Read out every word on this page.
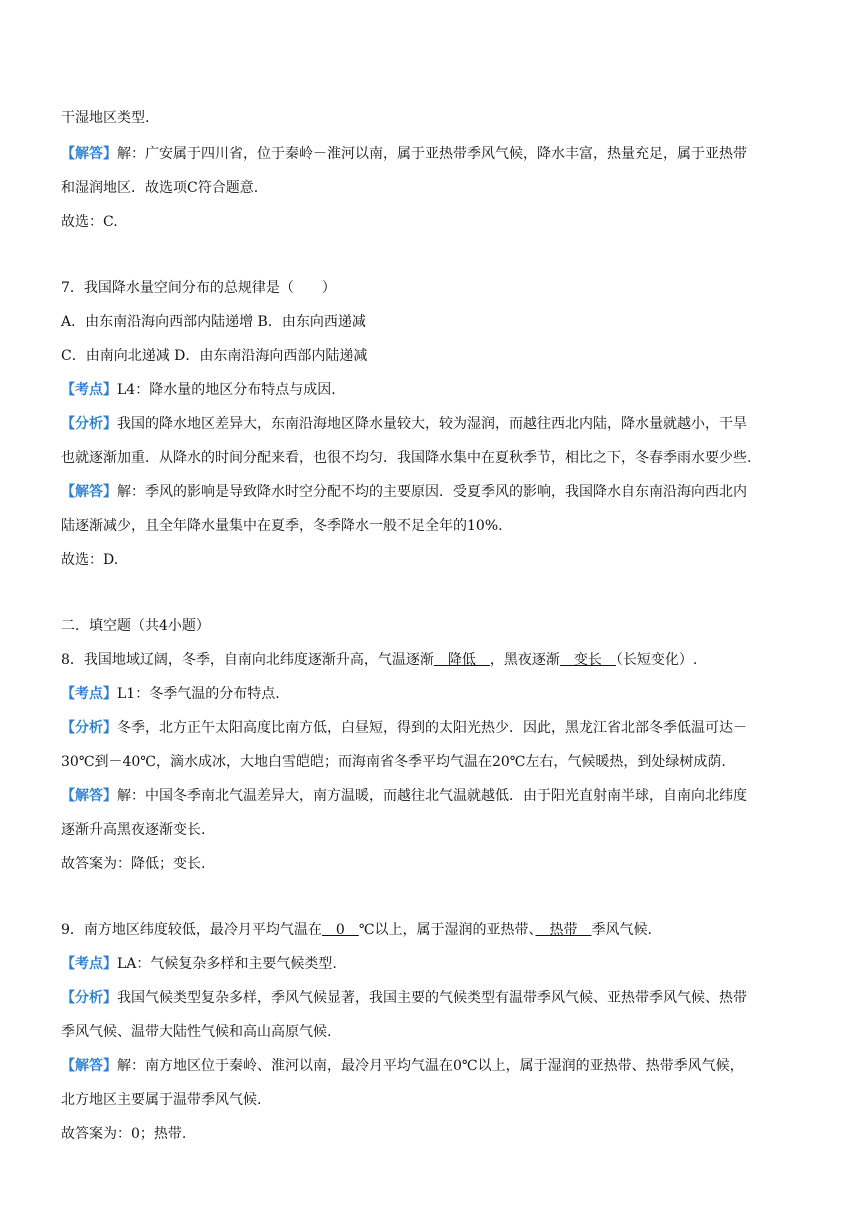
干湿地区类型.
【解答】解：广安属于四川省，位于秦岭－淮河以南，属于亚热带季风气候，降水丰富，热量充足，属于亚热带
和湿润地区．故选项C符合题意.
故选：C.
7．我国降水量空间分布的总规律是（　　）
A．由东南沿海向西部内陆递增 B．由东向西递减
C．由南向北递减 D．由东南沿海向西部内陆递减
【考点】L4：降水量的地区分布特点与成因.
【分析】我国的降水地区差异大，东南沿海地区降水量较大，较为湿润，而越往西北内陆，降水量就越小，干旱
也就逐渐加重．从降水的时间分配来看，也很不均匀．我国降水集中在夏秋季节，相比之下，冬春季雨水要少些.
【解答】解：季风的影响是导致降水时空分配不均的主要原因．受夏季风的影响，我国降水自东南沿海向西北内
陆逐渐减少，且全年降水量集中在夏季，冬季降水一般不足全年的10%.
故选：D.
二．填空题（共4小题）
8．我国地域辽阔，冬季，自南向北纬度逐渐升高，气温逐渐　降低　，黑夜逐渐　变长　（长短变化）.
【考点】L1：冬季气温的分布特点.
【分析】冬季，北方正午太阳高度比南方低，白昼短，得到的太阳光热少．因此，黑龙江省北部冬季低温可达－
30℃到－40℃，滴水成冰，大地白雪皑皑；而海南省冬季平均气温在20℃左右，气候暖热，到处绿树成荫.
【解答】解：中国冬季南北气温差异大，南方温暖，而越往北气温就越低．由于阳光直射南半球，自南向北纬度
逐渐升高黑夜逐渐变长.
故答案为：降低；变长.
9．南方地区纬度较低，最冷月平均气温在　0　℃以上，属于湿润的亚热带、　热带　季风气候.
【考点】LA：气候复杂多样和主要气候类型.
【分析】我国气候类型复杂多样，季风气候显著，我国主要的气候类型有温带季风气候、亚热带季风气候、热带
季风气候、温带大陆性气候和高山高原气候.
【解答】解：南方地区位于秦岭、淮河以南，最冷月平均气温在0℃以上，属于湿润的亚热带、热带季风气候，
北方地区主要属于温带季风气候.
故答案为：0；热带.
